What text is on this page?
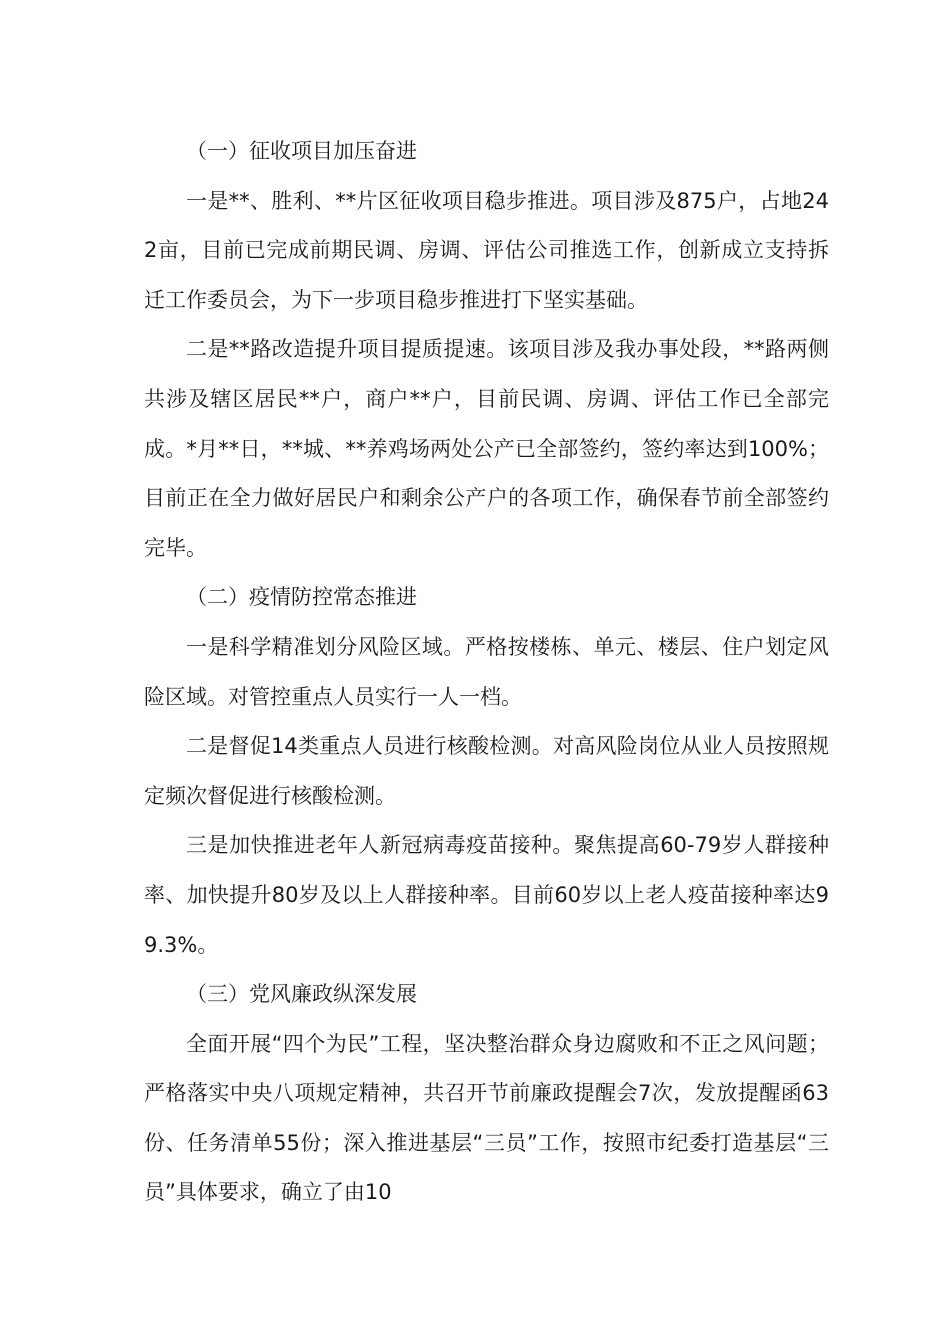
（一）征收项目加压奋进

一是**、胜利、**片区征收项目稳步推进。项目涉及875户，占地242亩，目前已完成前期民调、房调、评估公司推选工作，创新成立支持拆迁工作委员会，为下一步项目稳步推进打下坚实基础。

二是**路改造提升项目提质提速。该项目涉及我办事处段，**路两侧共涉及辖区居民**户，商户**户，目前民调、房调、评估工作已全部完成。*月**日，**城、**养鸡场两处公产已全部签约，签约率达到100%；目前正在全力做好居民户和剩余公产户的各项工作，确保春节前全部签约完毕。

（二）疫情防控常态推进

一是科学精准划分风险区域。严格按楼栋、单元、楼层、住户划定风险区域。对管控重点人员实行一人一档。

二是督促14类重点人员进行核酸检测。对高风险岗位从业人员按照规定频次督促进行核酸检测。

三是加快推进老年人新冠病毒疫苗接种。聚焦提高60-79岁人群接种率、加快提升80岁及以上人群接种率。目前60岁以上老人疫苗接种率达99.3%。

（三）党风廉政纵深发展

全面开展“四个为民”工程，坚决整治群众身边腐败和不正之风问题；严格落实中央八项规定精神，共召开节前廉政提醒会7次，发放提醒函63份、任务清单55份；深入推进基层“三员”工作，按照市纪委打造基层“三员”具体要求，确立了由10
